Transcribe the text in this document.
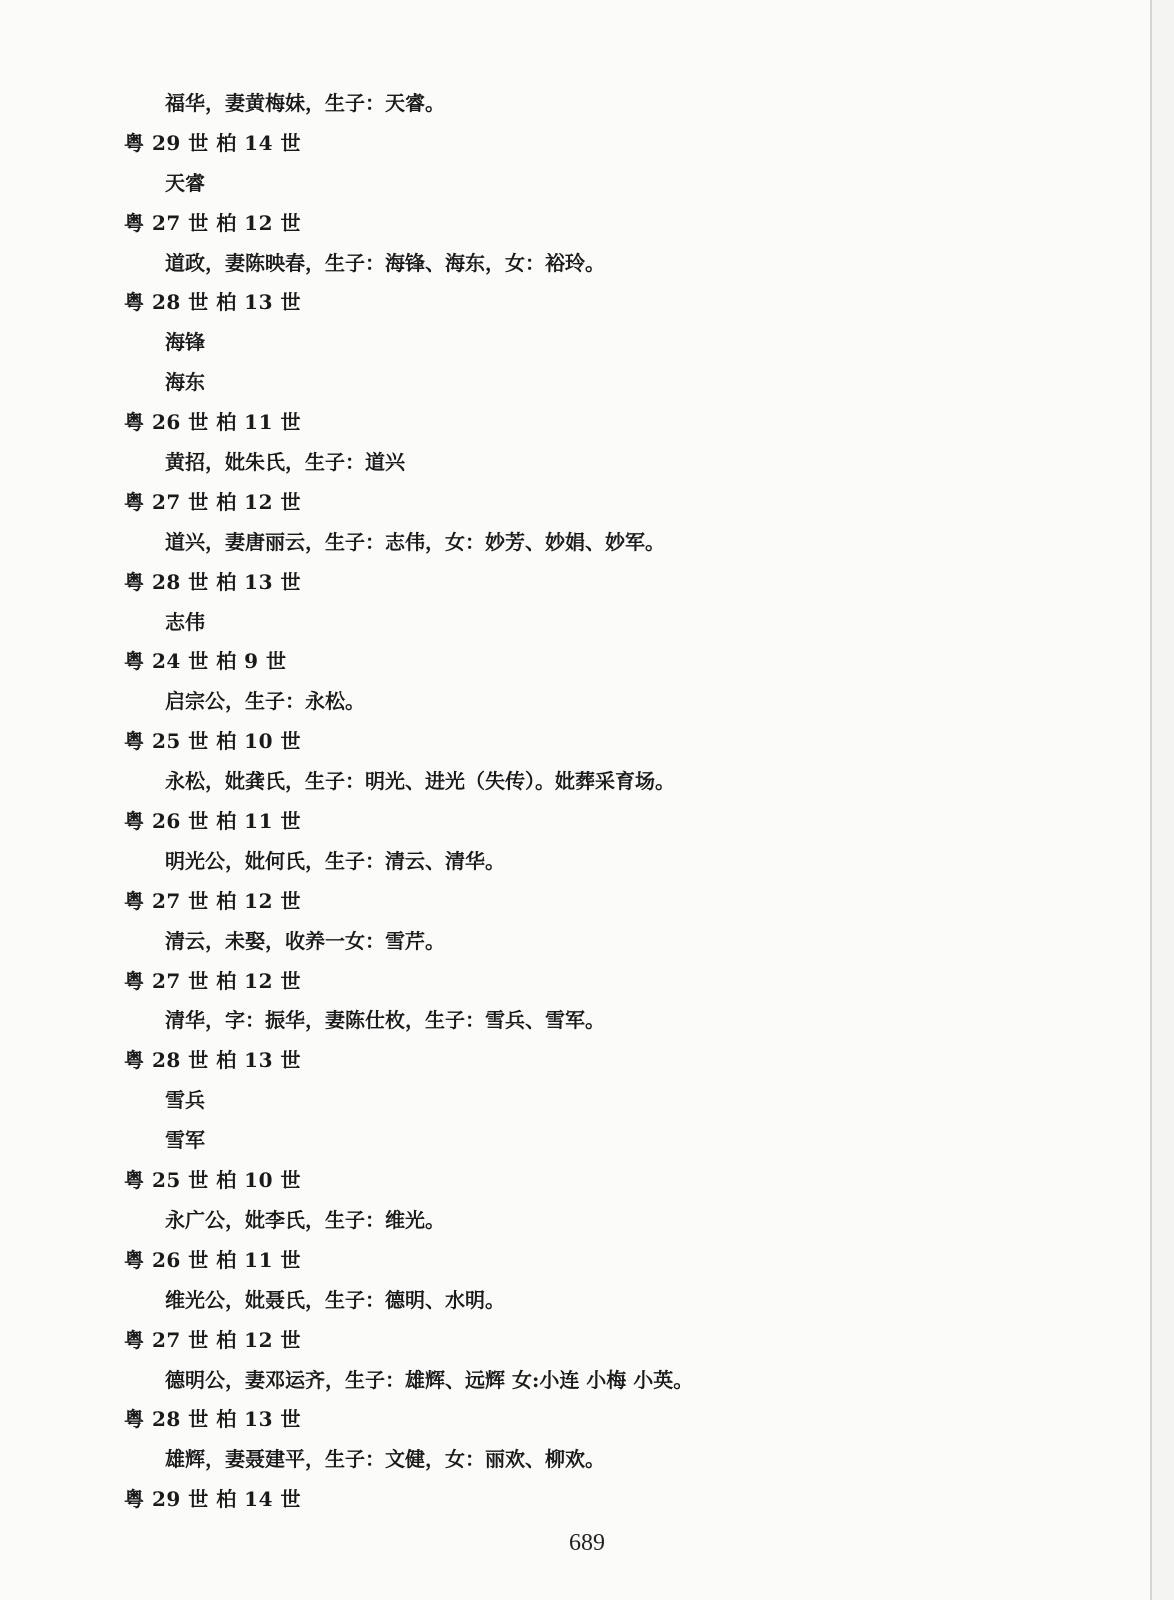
福华，妻黄梅妹，生子：天睿。
粤 29 世 柏 14 世
天睿
粤 27 世 柏 12 世
道政，妻陈映春，生子：海锋、海东，女：裕玲。
粤 28 世 柏 13 世
海锋
海东
粤 26 世 柏 11 世
黄招，妣朱氏，生子：道兴
粤 27 世 柏 12 世
道兴，妻唐丽云，生子：志伟，女：妙芳、妙娟、妙军。
粤 28 世 柏 13 世
志伟
粤 24 世 柏 9 世
启宗公，生子：永松。
粤 25 世 柏 10 世
永松，妣龚氏，生子：明光、进光（失传）。妣葬采育场。
粤 26 世 柏 11 世
明光公，妣何氏，生子：清云、清华。
粤 27 世 柏 12 世
清云，未娶，收养一女：雪芹。
粤 27 世 柏 12 世
清华，字：振华，妻陈仕枚，生子：雪兵、雪军。
粤 28 世 柏 13 世
雪兵
雪军
粤 25 世 柏 10 世
永广公，妣李氏，生子：维光。
粤 26 世 柏 11 世
维光公，妣聂氏，生子：德明、水明。
粤 27 世 柏 12 世
德明公，妻邓运齐，生子：雄辉、远辉 女:小连 小梅 小英。
粤 28 世 柏 13 世
雄辉，妻聂建平，生子：文健，女：丽欢、柳欢。
粤 29 世 柏 14 世
689
